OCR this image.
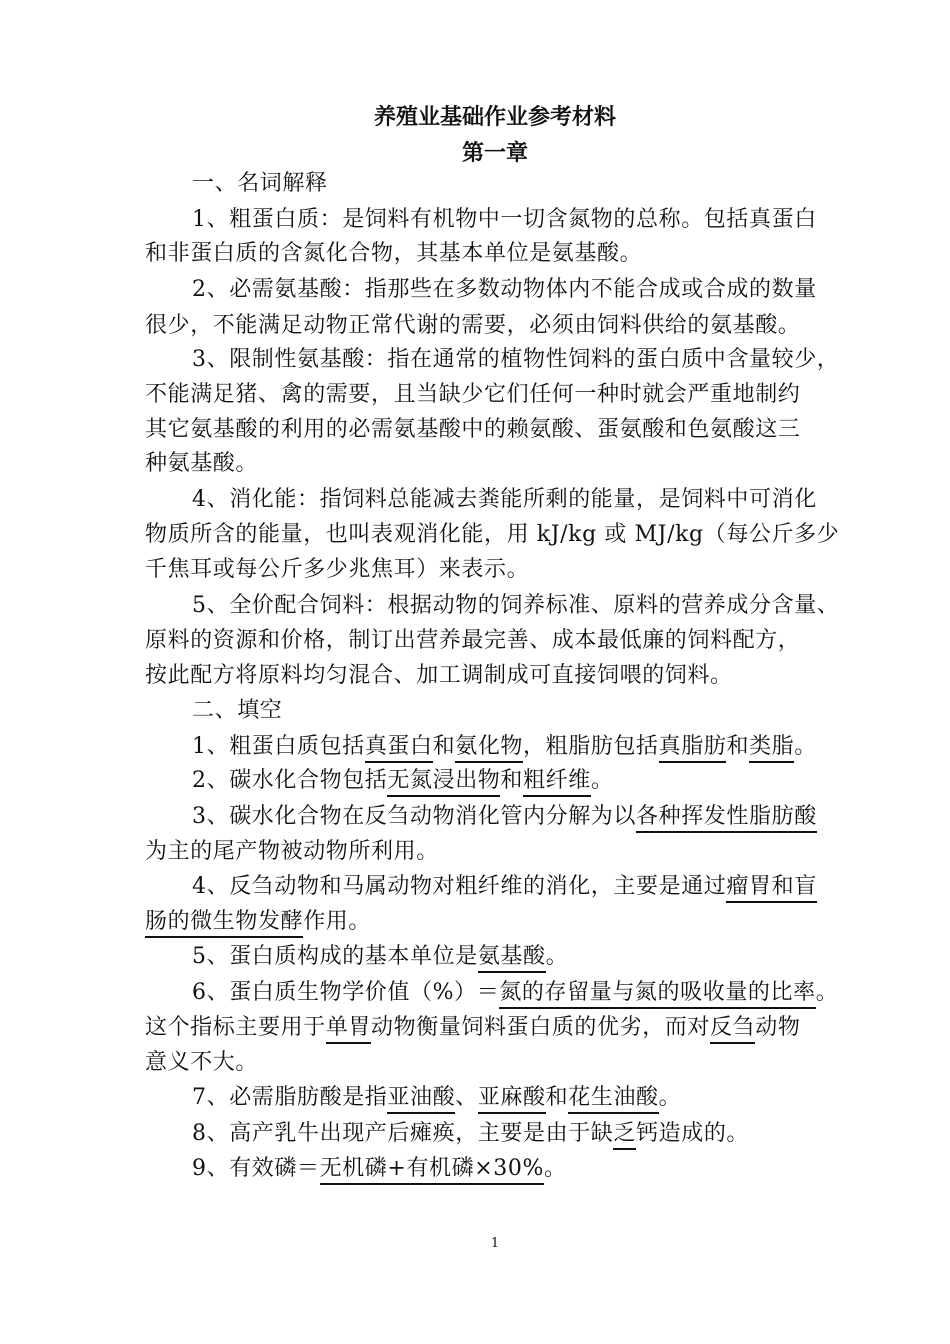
养殖业基础作业参考材料
第一章
一、名词解释
1、粗蛋白质：是饲料有机物中一切含氮物的总称。包括真蛋白
和非蛋白质的含氮化合物，其基本单位是氨基酸。
2、必需氨基酸：指那些在多数动物体内不能合成或合成的数量
很少，不能满足动物正常代谢的需要，必须由饲料供给的氨基酸。
3、限制性氨基酸：指在通常的植物性饲料的蛋白质中含量较少，
不能满足猪、禽的需要，且当缺少它们任何一种时就会严重地制约
其它氨基酸的利用的必需氨基酸中的赖氨酸、蛋氨酸和色氨酸这三
种氨基酸。
4、消化能：指饲料总能减去粪能所剩的能量，是饲料中可消化
物质所含的能量，也叫表观消化能，用 kJ/kg 或 MJ/kg（每公斤多少
千焦耳或每公斤多少兆焦耳）来表示。
5、全价配合饲料：根据动物的饲养标准、原料的营养成分含量、
原料的资源和价格，制订出营养最完善、成本最低廉的饲料配方，
按此配方将原料均匀混合、加工调制成可直接饲喂的饲料。
二、填空
1、粗蛋白质包括真蛋白和氨化物，粗脂肪包括真脂肪和类脂。
2、碳水化合物包括无氮浸出物和粗纤维。
3、碳水化合物在反刍动物消化管内分解为以各种挥发性脂肪酸
为主的尾产物被动物所利用。
4、反刍动物和马属动物对粗纤维的消化，主要是通过瘤胃和盲
肠的微生物发酵作用。
5、蛋白质构成的基本单位是氨基酸。
6、蛋白质生物学价值（%）＝氮的存留量与氮的吸收量的比率。
这个指标主要用于单胃动物衡量饲料蛋白质的优劣，而对反刍动物
意义不大。
7、必需脂肪酸是指亚油酸、亚麻酸和花生油酸。
8、高产乳牛出现产后瘫痪，主要是由于缺乏钙造成的。
9、有效磷＝无机磷+有机磷×30%。
1
